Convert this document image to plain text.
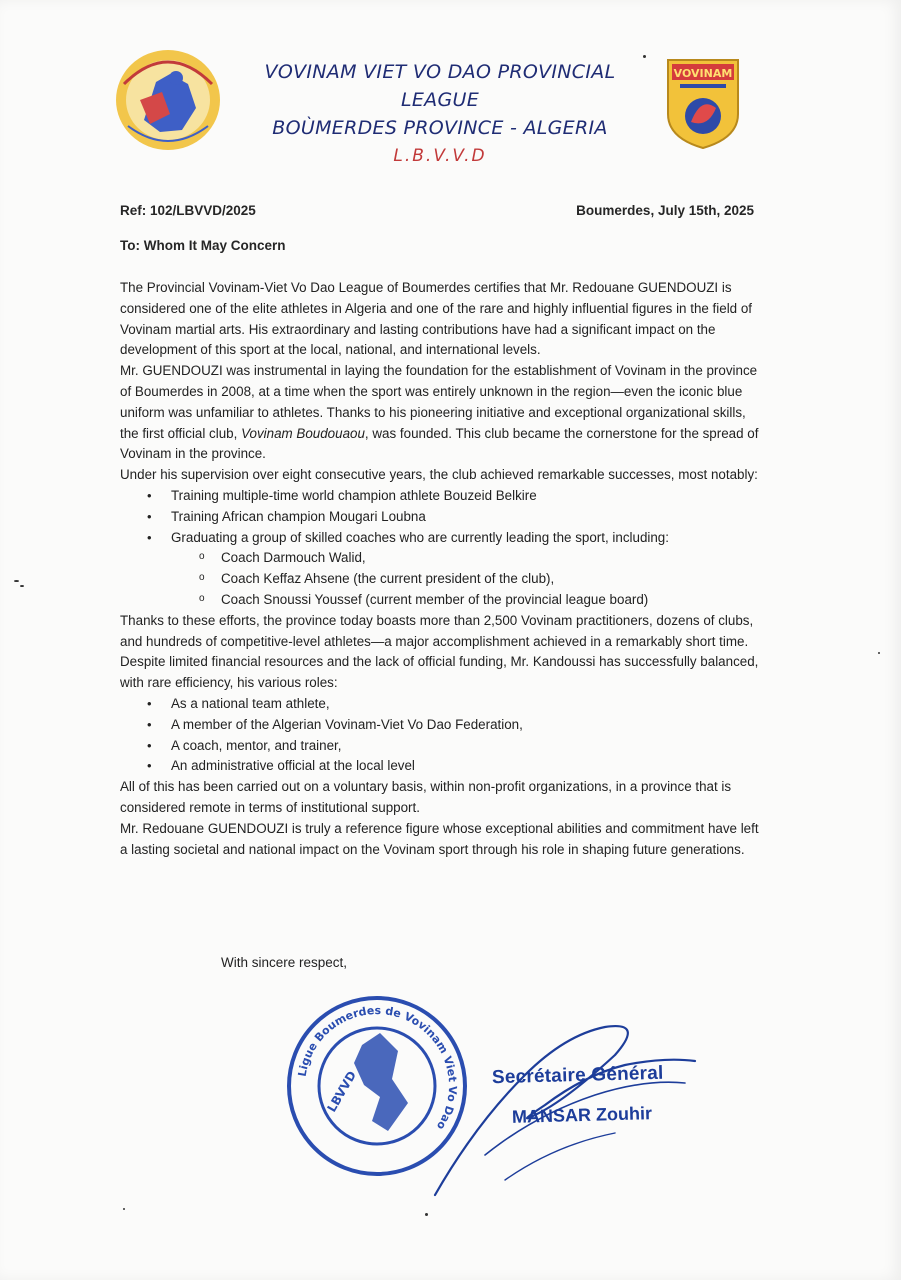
VOVINAM VIET VO DAO PROVINCIAL LEAGUE
BOÙMERDES PROVINCE - ALGERIA
L.B.V.V.D
VOVINAM
Ref: 102/LBVVD/2025	Boumerdes, July 15th, 2025
To: Whom It May Concern

The Provincial Vovinam-Viet Vo Dao League of Boumerdes certifies that Mr. Redouane GUENDOUZI is considered one of the elite athletes in Algeria and one of the rare and highly influential figures in the field of Vovinam martial arts. His extraordinary and lasting contributions have had a significant impact on the development of this sport at the local, national, and international levels.

Mr. GUENDOUZI was instrumental in laying the foundation for the establishment of Vovinam in the province of Boumerdes in 2008, at a time when the sport was entirely unknown in the region—even the iconic blue uniform was unfamiliar to athletes. Thanks to his pioneering initiative and exceptional organizational skills, the first official club, Vovinam Boudouaou, was founded. This club became the cornerstone for the spread of Vovinam in the province.

Under his supervision over eight consecutive years, the club achieved remarkable successes, most notably:

• Training multiple-time world champion athlete Bouzeid Belkire
• Training African champion Mougari Loubna
• Graduating a group of skilled coaches who are currently leading the sport, including:
o Coach Darmouch Walid,
o Coach Keffaz Ahsene (the current president of the club),
o Coach Snoussi Youssef (current member of the provincial league board)

Thanks to these efforts, the province today boasts more than 2,500 Vovinam practitioners, dozens of clubs, and hundreds of competitive-level athletes—a major accomplishment achieved in a remarkably short time.

Despite limited financial resources and the lack of official funding, Mr. Kandoussi has successfully balanced, with rare efficiency, his various roles:

• As a national team athlete,
• A member of the Algerian Vovinam-Viet Vo Dao Federation,
• A coach, mentor, and trainer,
• An administrative official at the local level

All of this has been carried out on a voluntary basis, within non-profit organizations, in a province that is considered remote in terms of institutional support.

Mr. Redouane GUENDOUZI is truly a reference figure whose exceptional abilities and commitment have left a lasting societal and national impact on the Vovinam sport through his role in shaping future generations.

With sincere respect,
Ligue Boumerdes de Vovinam Viet Vo Dao
LBVVD	Secrétaire Général
MANSAR Zouhir
